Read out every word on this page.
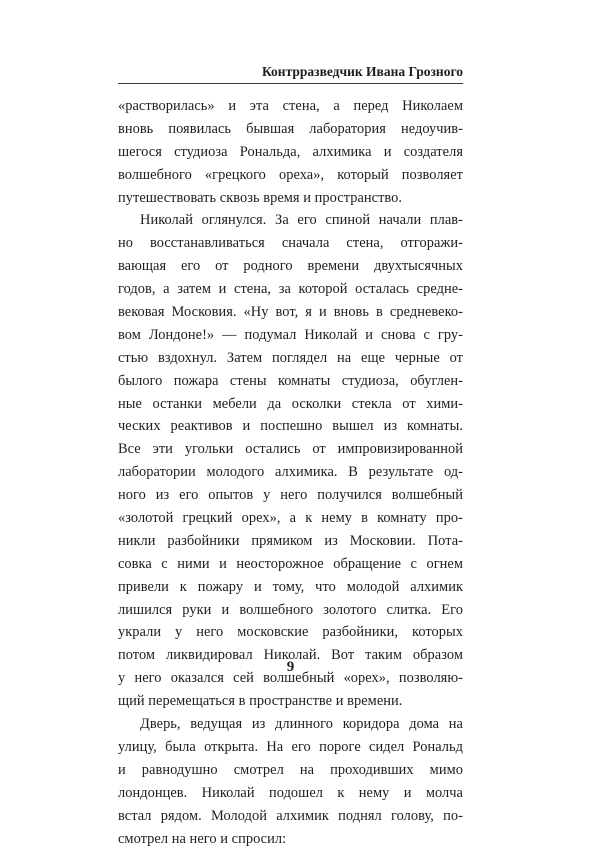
Контрразведчик Ивана Грозного
«растворилась» и эта стена, а перед Николаем
вновь появилась бывшая лаборатория недоучив-
шегося студиоза Рональда, алхимика и создателя
волшебного «грецкого ореха», который позволяет
путешествовать сквозь время и пространство.
Николай оглянулся. За его спиной начали плав-
но восстанавливаться сначала стена, отгоражи-
вающая его от родного времени двухтысячных
годов, а затем и стена, за которой осталась средне-
вековая Московия. «Ну вот, я и вновь в средневеко-
вом Лондоне!» — подумал Николай и снова с гру-
стью вздохнул. Затем поглядел на еще черные от
былого пожара стены комнаты студиоза, обуглен-
ные останки мебели да осколки стекла от хими-
ческих реактивов и поспешно вышел из комнаты.
Все эти угольки остались от импровизированной
лаборатории молодого алхимика. В результате од-
ного из его опытов у него получился волшебный
«золотой грецкий орех», а к нему в комнату про-
никли разбойники прямиком из Московии. Пота-
совка с ними и неосторожное обращение с огнем
привели к пожару и тому, что молодой алхимик
лишился руки и волшебного золотого слитка. Его
украли у него московские разбойники, которых
потом ликвидировал Николай. Вот таким образом
у него оказался сей волшебный «орех», позволяю-
щий перемещаться в пространстве и времени.
Дверь, ведущая из длинного коридора дома на
улицу, была открыта. На его пороге сидел Рональд
и равнодушно смотрел на проходивших мимо
лондонцев. Николай подошел к нему и молча
встал рядом. Молодой алхимик поднял голову, по-
смотрел на него и спросил:
9
